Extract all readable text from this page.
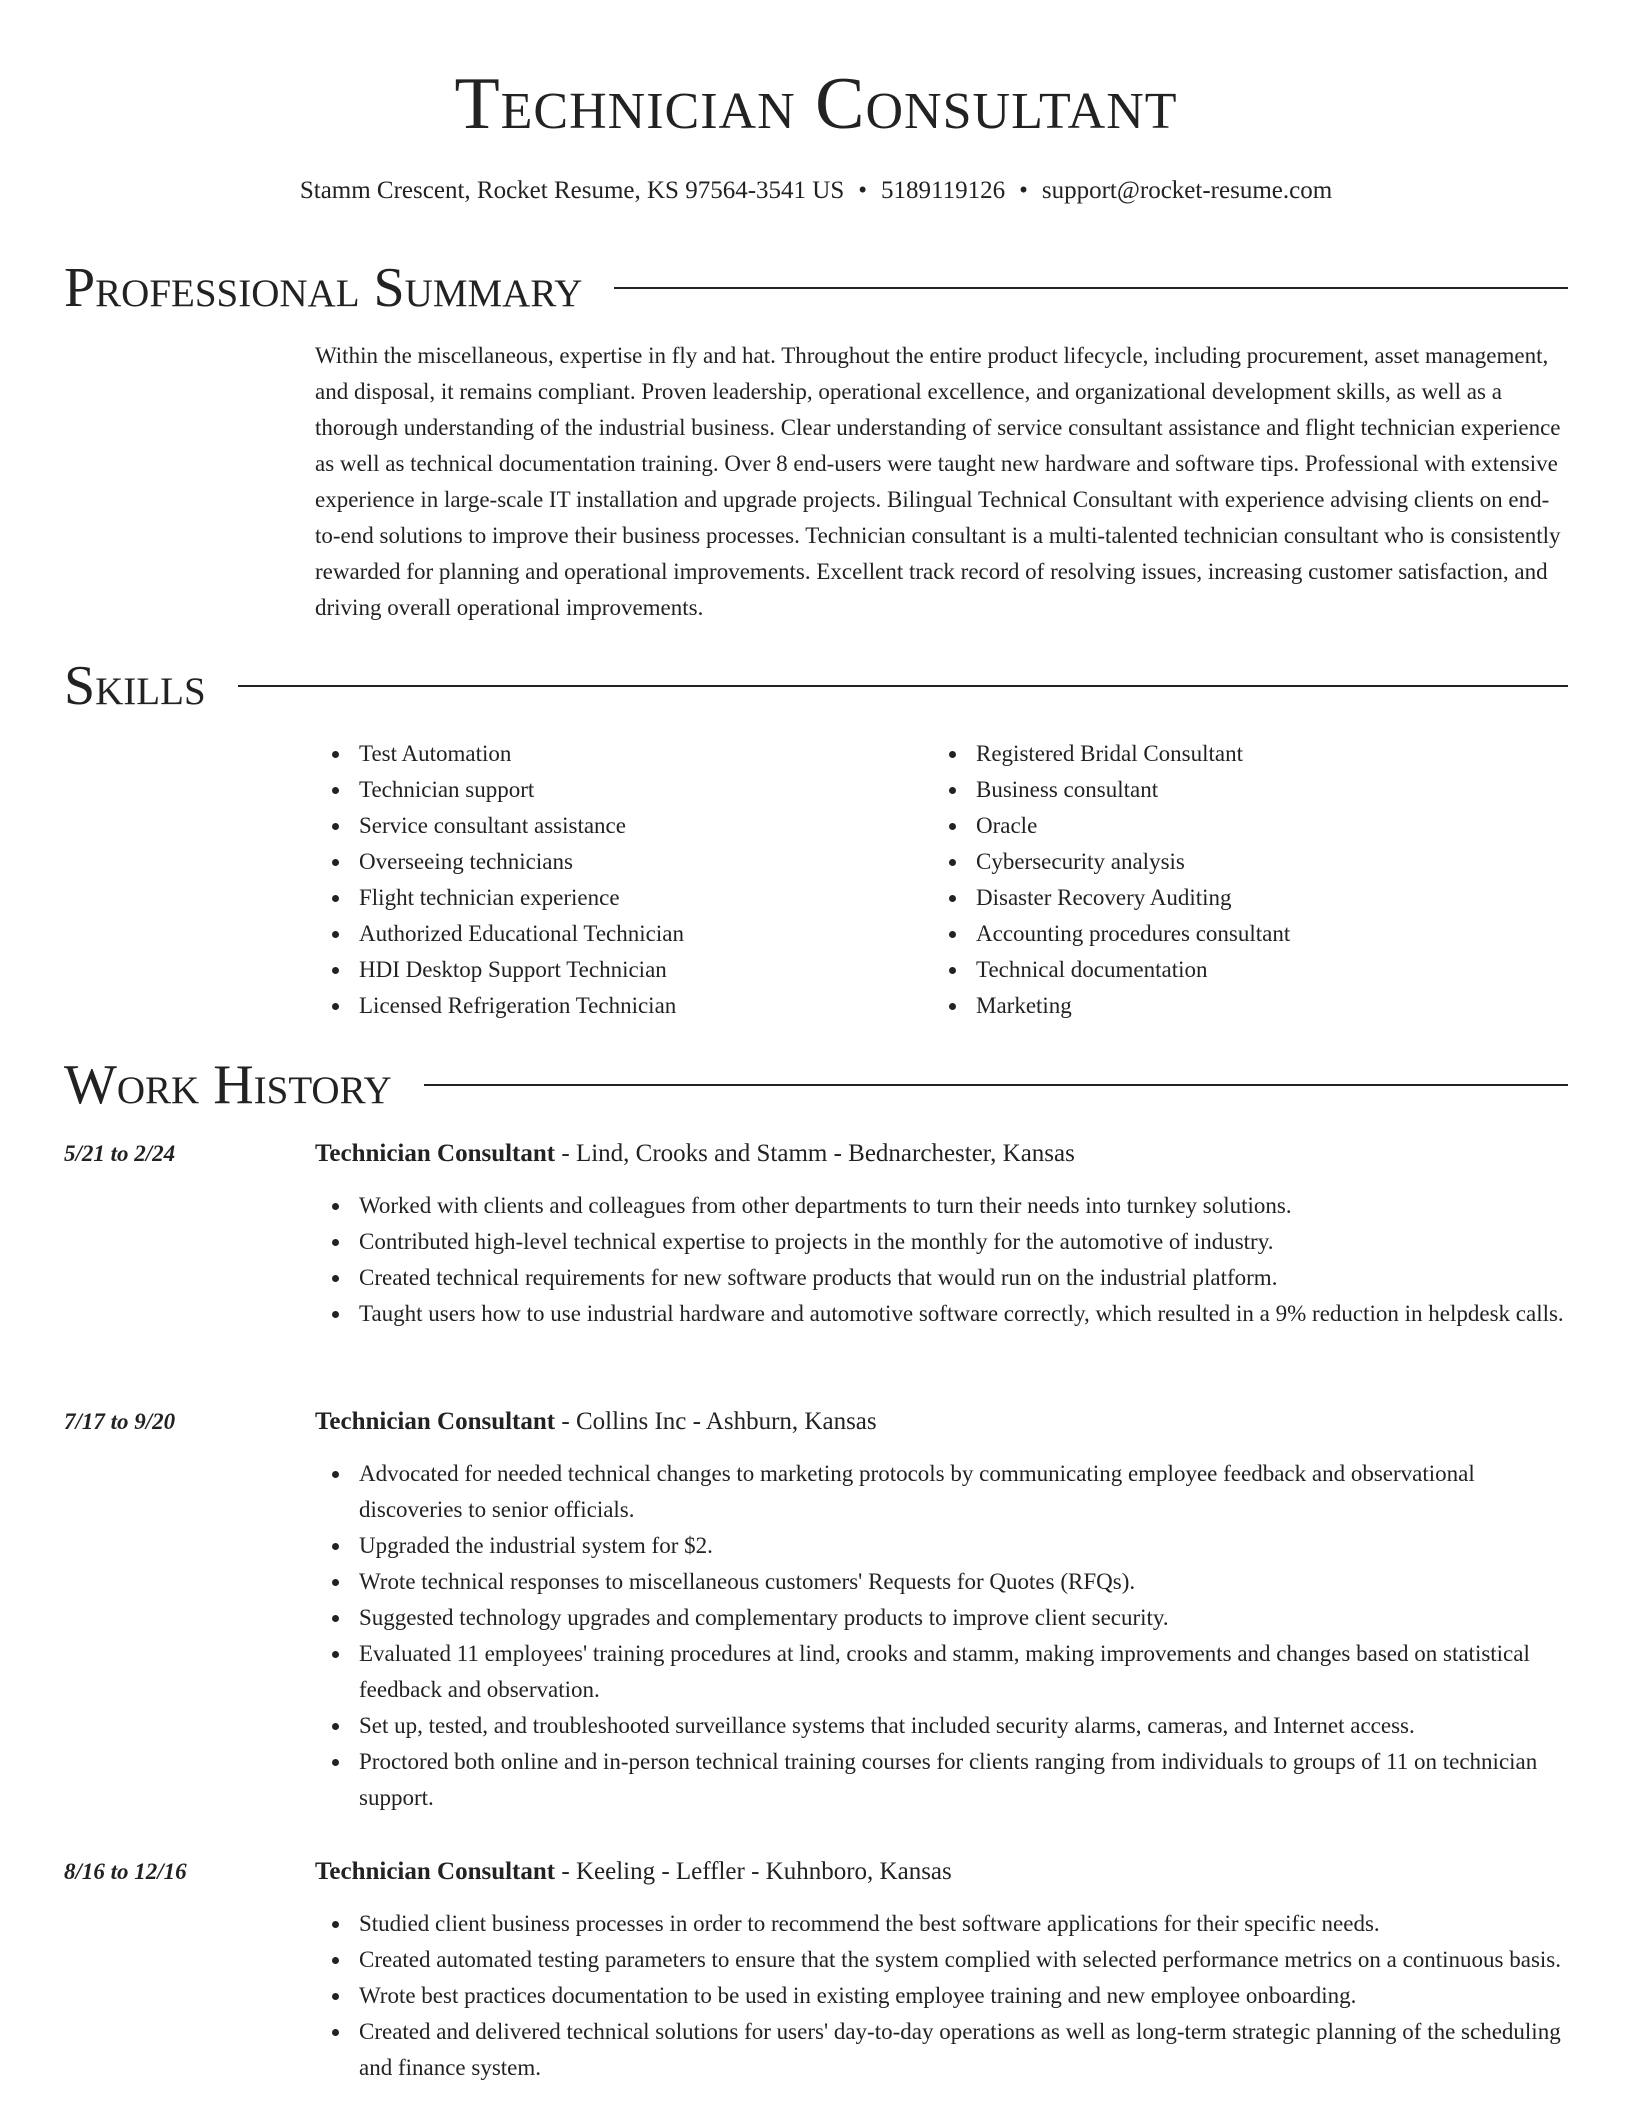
Technician Consultant
Stamm Crescent, Rocket Resume, KS 97564-3541 US • 5189119126 • support@rocket-resume.com
Professional Summary

Within the miscellaneous, expertise in fly and hat. Throughout the entire product lifecycle, including procurement, asset management, and disposal, it remains compliant. Proven leadership, operational excellence, and organizational development skills, as well as a thorough understanding of the industrial business. Clear understanding of service consultant assistance and flight technician experience as well as technical documentation training. Over 8 end-users were taught new hardware and software tips. Professional with extensive experience in large-scale IT installation and upgrade projects. Bilingual Technical Consultant with experience advising clients on end-to-end solutions to improve their business processes. Technician consultant is a multi-talented technician consultant who is consistently rewarded for planning and operational improvements. Excellent track record of resolving issues, increasing customer satisfaction, and driving overall operational improvements.

Skills
Test Automation
Technician support
Service consultant assistance
Overseeing technicians
Flight technician experience
Authorized Educational Technician
HDI Desktop Support Technician
Licensed Refrigeration Technician
Registered Bridal Consultant
Business consultant
Oracle
Cybersecurity analysis
Disaster Recovery Auditing
Accounting procedures consultant
Technical documentation
Marketing
Work History
5/21 to 2/24	Technician Consultant - Lind, Crooks and Stamm - Bednarchester, Kansas
Worked with clients and colleagues from other departments to turn their needs into turnkey solutions.
Contributed high-level technical expertise to projects in the monthly for the automotive of industry.
Created technical requirements for new software products that would run on the industrial platform.
Taught users how to use industrial hardware and automotive software correctly, which resulted in a 9% reduction in helpdesk calls.
7/17 to 9/20	Technician Consultant - Collins Inc - Ashburn, Kansas
Advocated for needed technical changes to marketing protocols by communicating employee feedback and observational discoveries to senior officials.
Upgraded the industrial system for $2.
Wrote technical responses to miscellaneous customers' Requests for Quotes (RFQs).
Suggested technology upgrades and complementary products to improve client security.
Evaluated 11 employees' training procedures at lind, crooks and stamm, making improvements and changes based on statistical feedback and observation.
Set up, tested, and troubleshooted surveillance systems that included security alarms, cameras, and Internet access.
Proctored both online and in-person technical training courses for clients ranging from individuals to groups of 11 on technician support.
8/16 to 12/16	Technician Consultant - Keeling - Leffler - Kuhnboro, Kansas
Studied client business processes in order to recommend the best software applications for their specific needs.
Created automated testing parameters to ensure that the system complied with selected performance metrics on a continuous basis.
Wrote best practices documentation to be used in existing employee training and new employee onboarding.
Created and delivered technical solutions for users' day-to-day operations as well as long-term strategic planning of the scheduling and finance system.
